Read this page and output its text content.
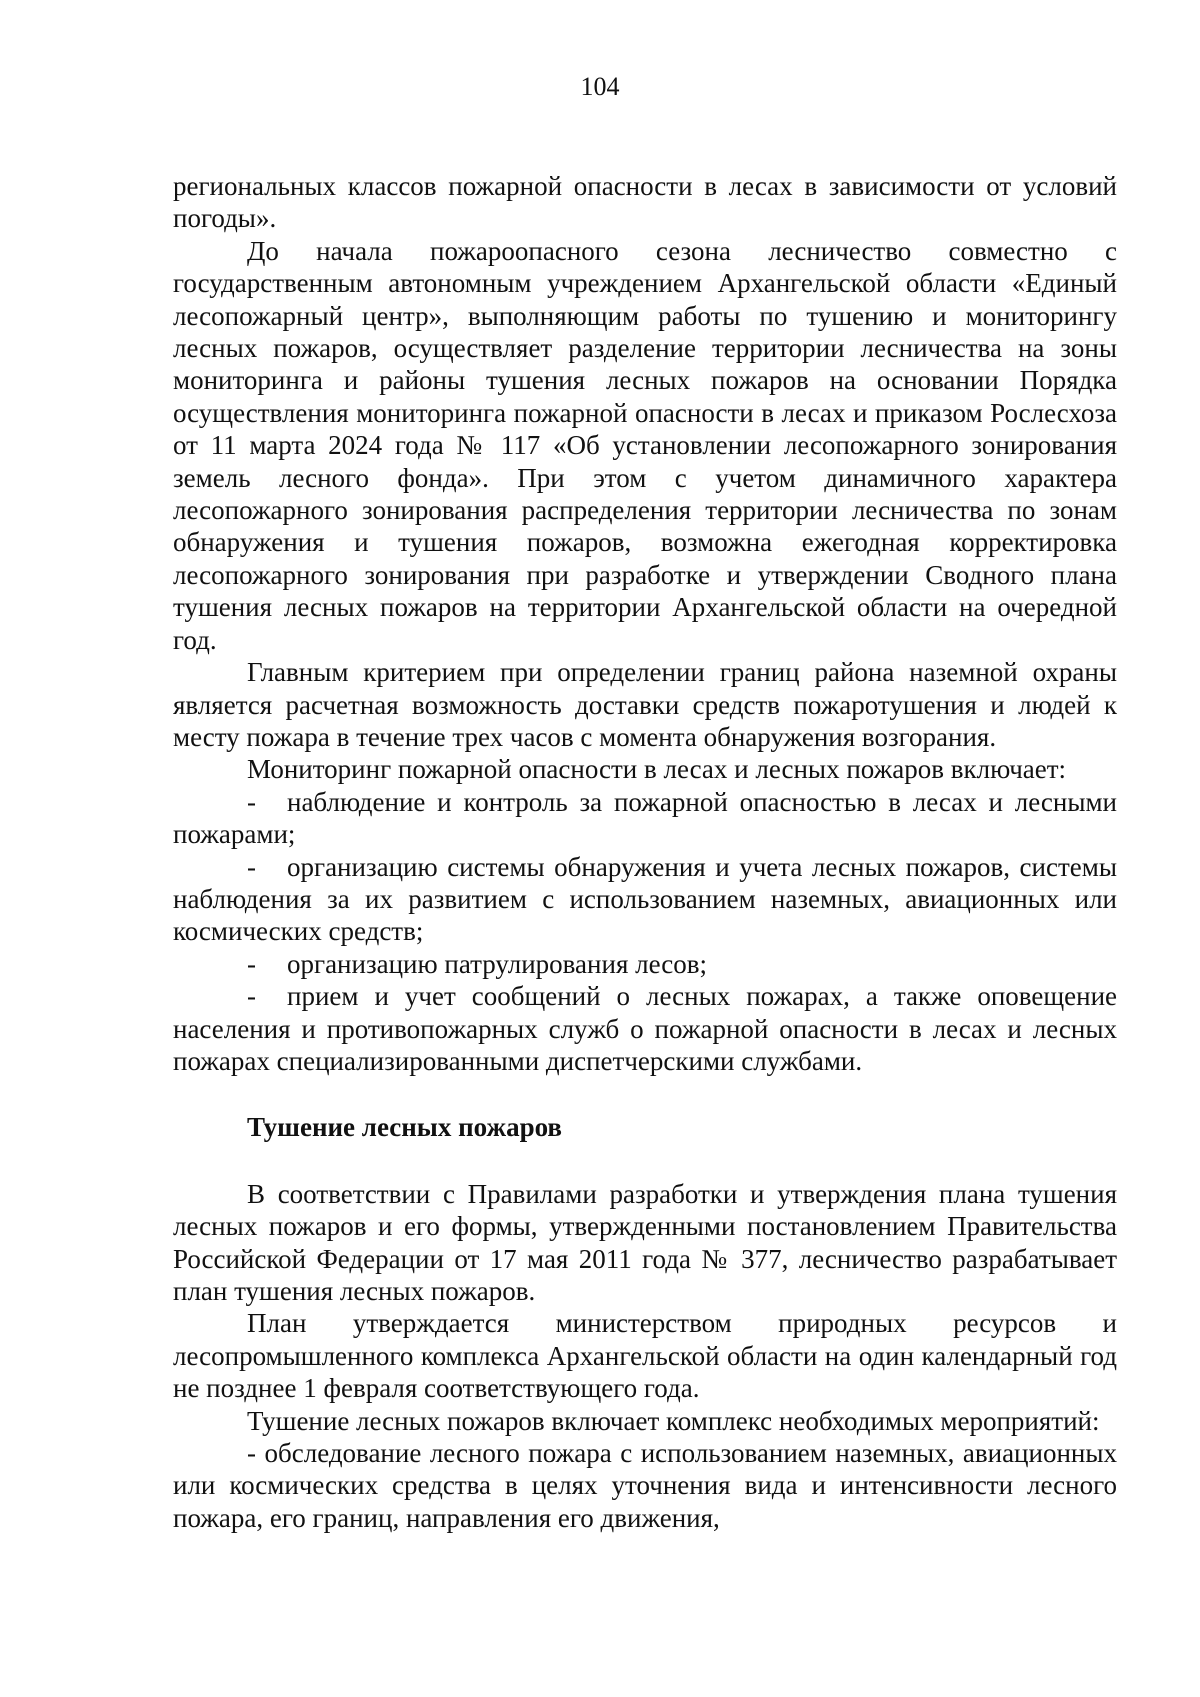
104

региональных классов пожарной опасности в лесах в зависимости от условий погоды».

До начала пожароопасного сезона лесничество совместно с государственным автономным учреждением Архангельской области «Единый лесопожарный центр», выполняющим работы по тушению и мониторингу лесных пожаров, осуществляет разделение территории лесничества на зоны мониторинга и районы тушения лесных пожаров на основании Порядка осуществления мониторинга пожарной опасности в лесах и приказом Рослесхоза от 11 марта 2024 года № 117 «Об установлении лесопожарного зонирования земель лесного фонда». При этом с учетом динамичного характера лесопожарного зонирования распределения территории лесничества по зонам обнаружения и тушения пожаров, возможна ежегодная корректировка лесопожарного зонирования при разработке и утверждении Сводного плана тушения лесных пожаров на территории Архангельской области на очередной год.

Главным критерием при определении границ района наземной охраны является расчетная возможность доставки средств пожаротушения и людей к месту пожара в течение трех часов с момента обнаружения возгорания.

Мониторинг пожарной опасности в лесах и лесных пожаров включает:

- наблюдение и контроль за пожарной опасностью в лесах и лесными пожарами;

- организацию системы обнаружения и учета лесных пожаров, системы наблюдения за их развитием с использованием наземных, авиационных или космических средств;

- организацию патрулирования лесов;

- прием и учет сообщений о лесных пожарах, а также оповещение населения и противопожарных служб о пожарной опасности в лесах и лесных пожарах специализированными диспетчерскими службами.

Тушение лесных пожаров

В соответствии с Правилами разработки и утверждения плана тушения лесных пожаров и его формы, утвержденными постановлением Правительства Российской Федерации от 17 мая 2011 года № 377, лесничество разрабатывает план тушения лесных пожаров.

План утверждается министерством природных ресурсов и лесопромышленного комплекса Архангельской области на один календарный год не позднее 1 февраля соответствующего года.

Тушение лесных пожаров включает комплекс необходимых мероприятий:

- обследование лесного пожара с использованием наземных, авиационных или космических средства в целях уточнения вида и интенсивности лесного пожара, его границ, направления его движения,
